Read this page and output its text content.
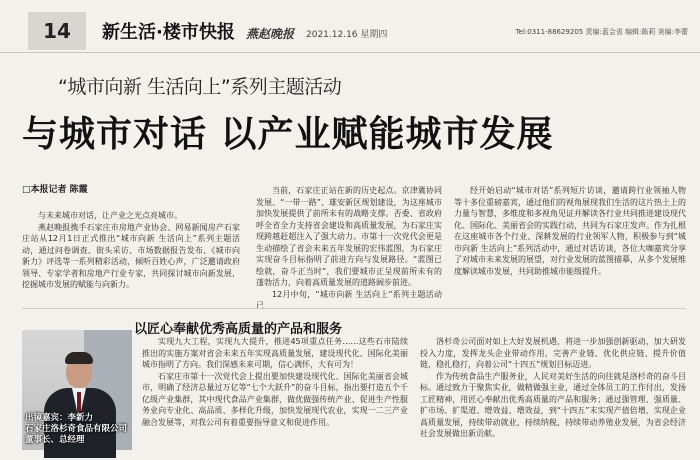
14	新生活·楼市快报 燕赵晚报 2021.12.16 星期四	Tel:0311-88629205 责编:蓝会省 编辑:陈莉 美编:李蕾
“城市向新 生活向上”系列主题活动
与城市对话 以产业赋能城市发展
□本报记者 陈霞

与未来城市对话，让产业之光点亮城市。

燕赵晚报携手石家庄市房地产业协会、网易新闻房产石家庄站从12月1日正式推出“城市向新 生活向上”系列主题活动，通过问卷调查、街头采访、市场数据报告发布、《城市向新力》评选等一系列精彩活动，倾听百姓心声，广泛邀请政府领导、专家学者和房地产行业专家，共同探讨城市向新发展，挖掘城市发展的赋能与向新力。

当前，石家庄正站在新的历史起点。京津冀协同发展、“一带一路”、雄安新区规划建设，为这座城市加快发展提供了前所未有的战略支撑。否委、省政府呼全省全力支持省会建设和高质量发展，为石家庄实现跨越赶超注入了强大动力。市第十一次党代会更是生动描绘了省会未来五年发展的宏伟蓝图，为石家庄实现奋斗目标指明了前进方向与发展路径。“蓝图已绘就，奋斗正当时”，我们要城市正呈现前所未有的蓬勃活力，向着高质量发展的道路阔步前进。

12月中旬，“城市向新 生活向上”系列主题活动已

经开始启动“城市对话”系列短片访谈，邀请跨行业领袖人物等十多位重磅嘉宾，通过他们的视角展现我们生活的这片热土上的力量与智慧，多维度和多视角见证并解读各行业共同推进建设现代化、国际化、美丽省会的实践行动，共同为石家庄发声。作为扎根在这座城市各个行业、深耕发展的行业领军人物，积极参与到“城市向新 生活向上”系列活动中，通过对话访谈，各位大咖嘉宾分享了对城市未来发展的展望，对行业发展的蓝图描摹，从多个发展维度解读城市发展，共同助推城市能级提升。

以匠心奉献优秀高质量的产品和服务
出镜嘉宾：李新力
石家庄洛杉奇食品有限公司
董事长、总经理

实现九大工程，实现九大提升，推进45项重点任务……这些石市陆续推出的实施方案对省会未来五年实现高质量发展，建设现代化、国际化美丽城市指明了方向。我们深感未来可期，信心满怀，大有可为！

石家庄市第十一次党代会上提出要加快建设现代化、国际化美丽省会城市，明确了经济总量过万亿等“七个大跃升”的奋斗目标，指出要打造五个千亿级产业集群，其中现代食品产业集群，做优做强传统产业、促进生产性服务业向专业化、高品质、多样化升级，加快发展现代农业，实现一二三产业融合发展等，对我公司有着重要指导意义和促进作用。

洛杉奇公司面对如上大好发展机遇，将进一步加强创新驱动，加大研发投入力度，发挥龙头企业带动作用，完善产业链、优化供应链、提升价值链，稳扎稳打，向着公司“十四五”规划目标迈进。

作为传统食品生产服务业，人民对美好生活的向往就是洛杉奇的奋斗目标。通过致力于聚焦实业，做精做强主业，通过全体员工的工作付出，发扬工匠精神，用匠心奉献出优秀高质量的产品和服务；通过强管理、强质量、扩市场、扩渠道、增效益、增效益，到“十四五”末实现产值倍增，实现企业高质量发展，持续带动就业，持续纳税，持续带动养殖业发展，为省会经济社会发展做出新贡献。
